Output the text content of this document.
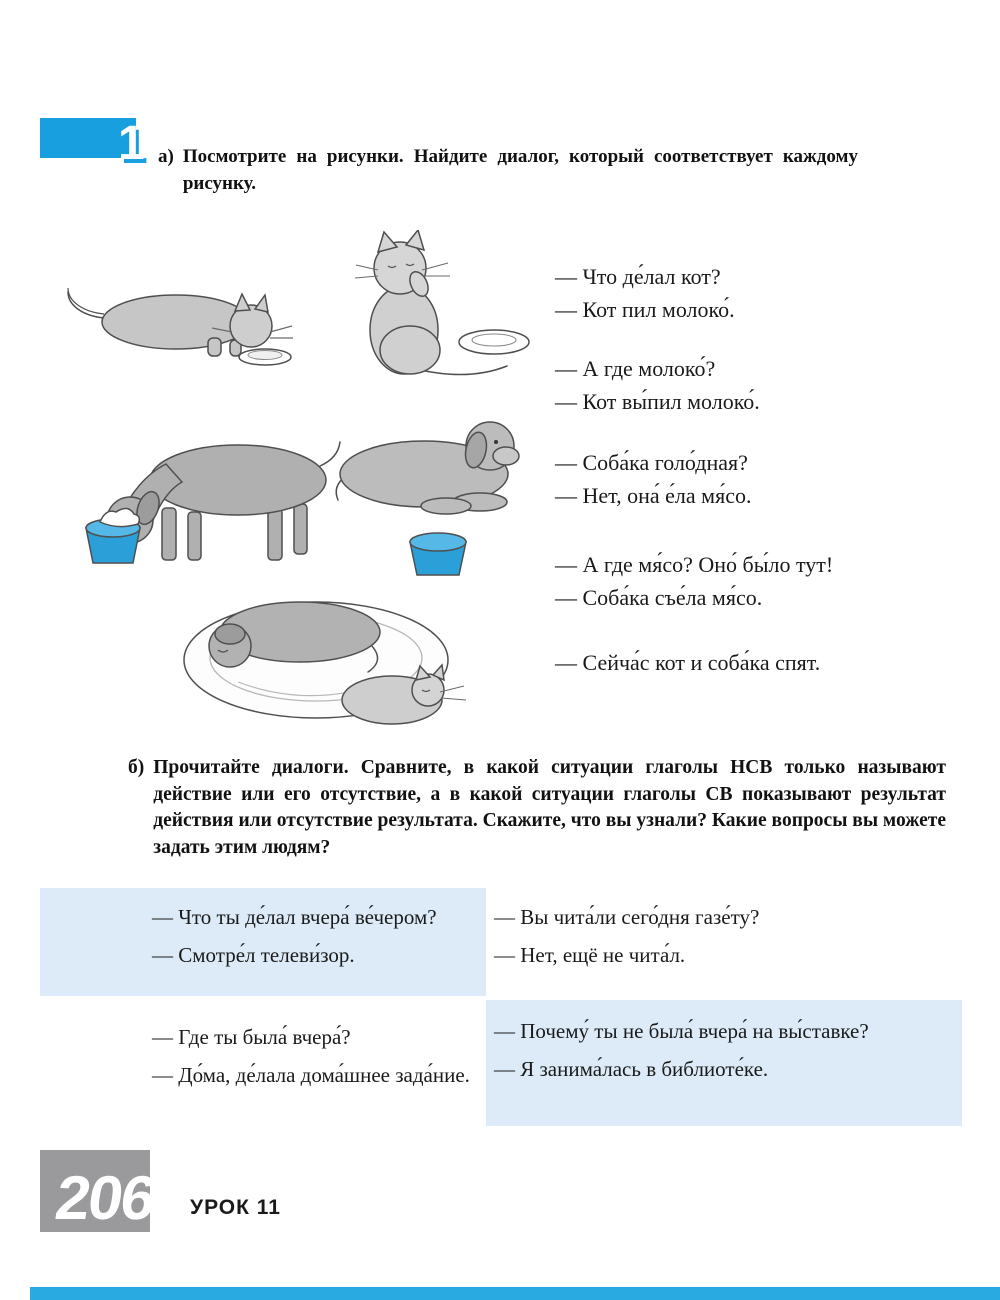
1 а) Посмотрите на рисунки. Найдите диалог, который соответствует каждому рисунку.

— Что де́лал кот?

— Кот пил молоко́.

— А где молоко́?

— Кот вы́пил молоко́.

— Соба́ка голо́дная?

— Нет, она́ е́ла мя́со.

— А где мя́со? Оно́ бы́ло тут!

— Соба́ка съе́ла мя́со.

— Сейча́с кот и соба́ка спят.

б) Прочитайте диалоги. Сравните, в какой ситуации глаголы НСВ только называют действие или его отсутствие, а в какой ситуации глаголы СВ показывают результат действия или отсутствие результата. Скажите, что вы узнали? Какие вопросы вы можете задать этим людям?

— Что ты де́лал вчера́ ве́чером?

— Смотре́л телеви́зор.

— Вы чита́ли сего́дня газе́ту?

— Нет, ещё не чита́л.

— Где ты была́ вчера́?

— До́ма, де́лала дома́шнее зада́ние.

— Почему́ ты не была́ вчера́ на вы́ставке?

— Я занима́лась в библиоте́ке.

206 УРОК 11
